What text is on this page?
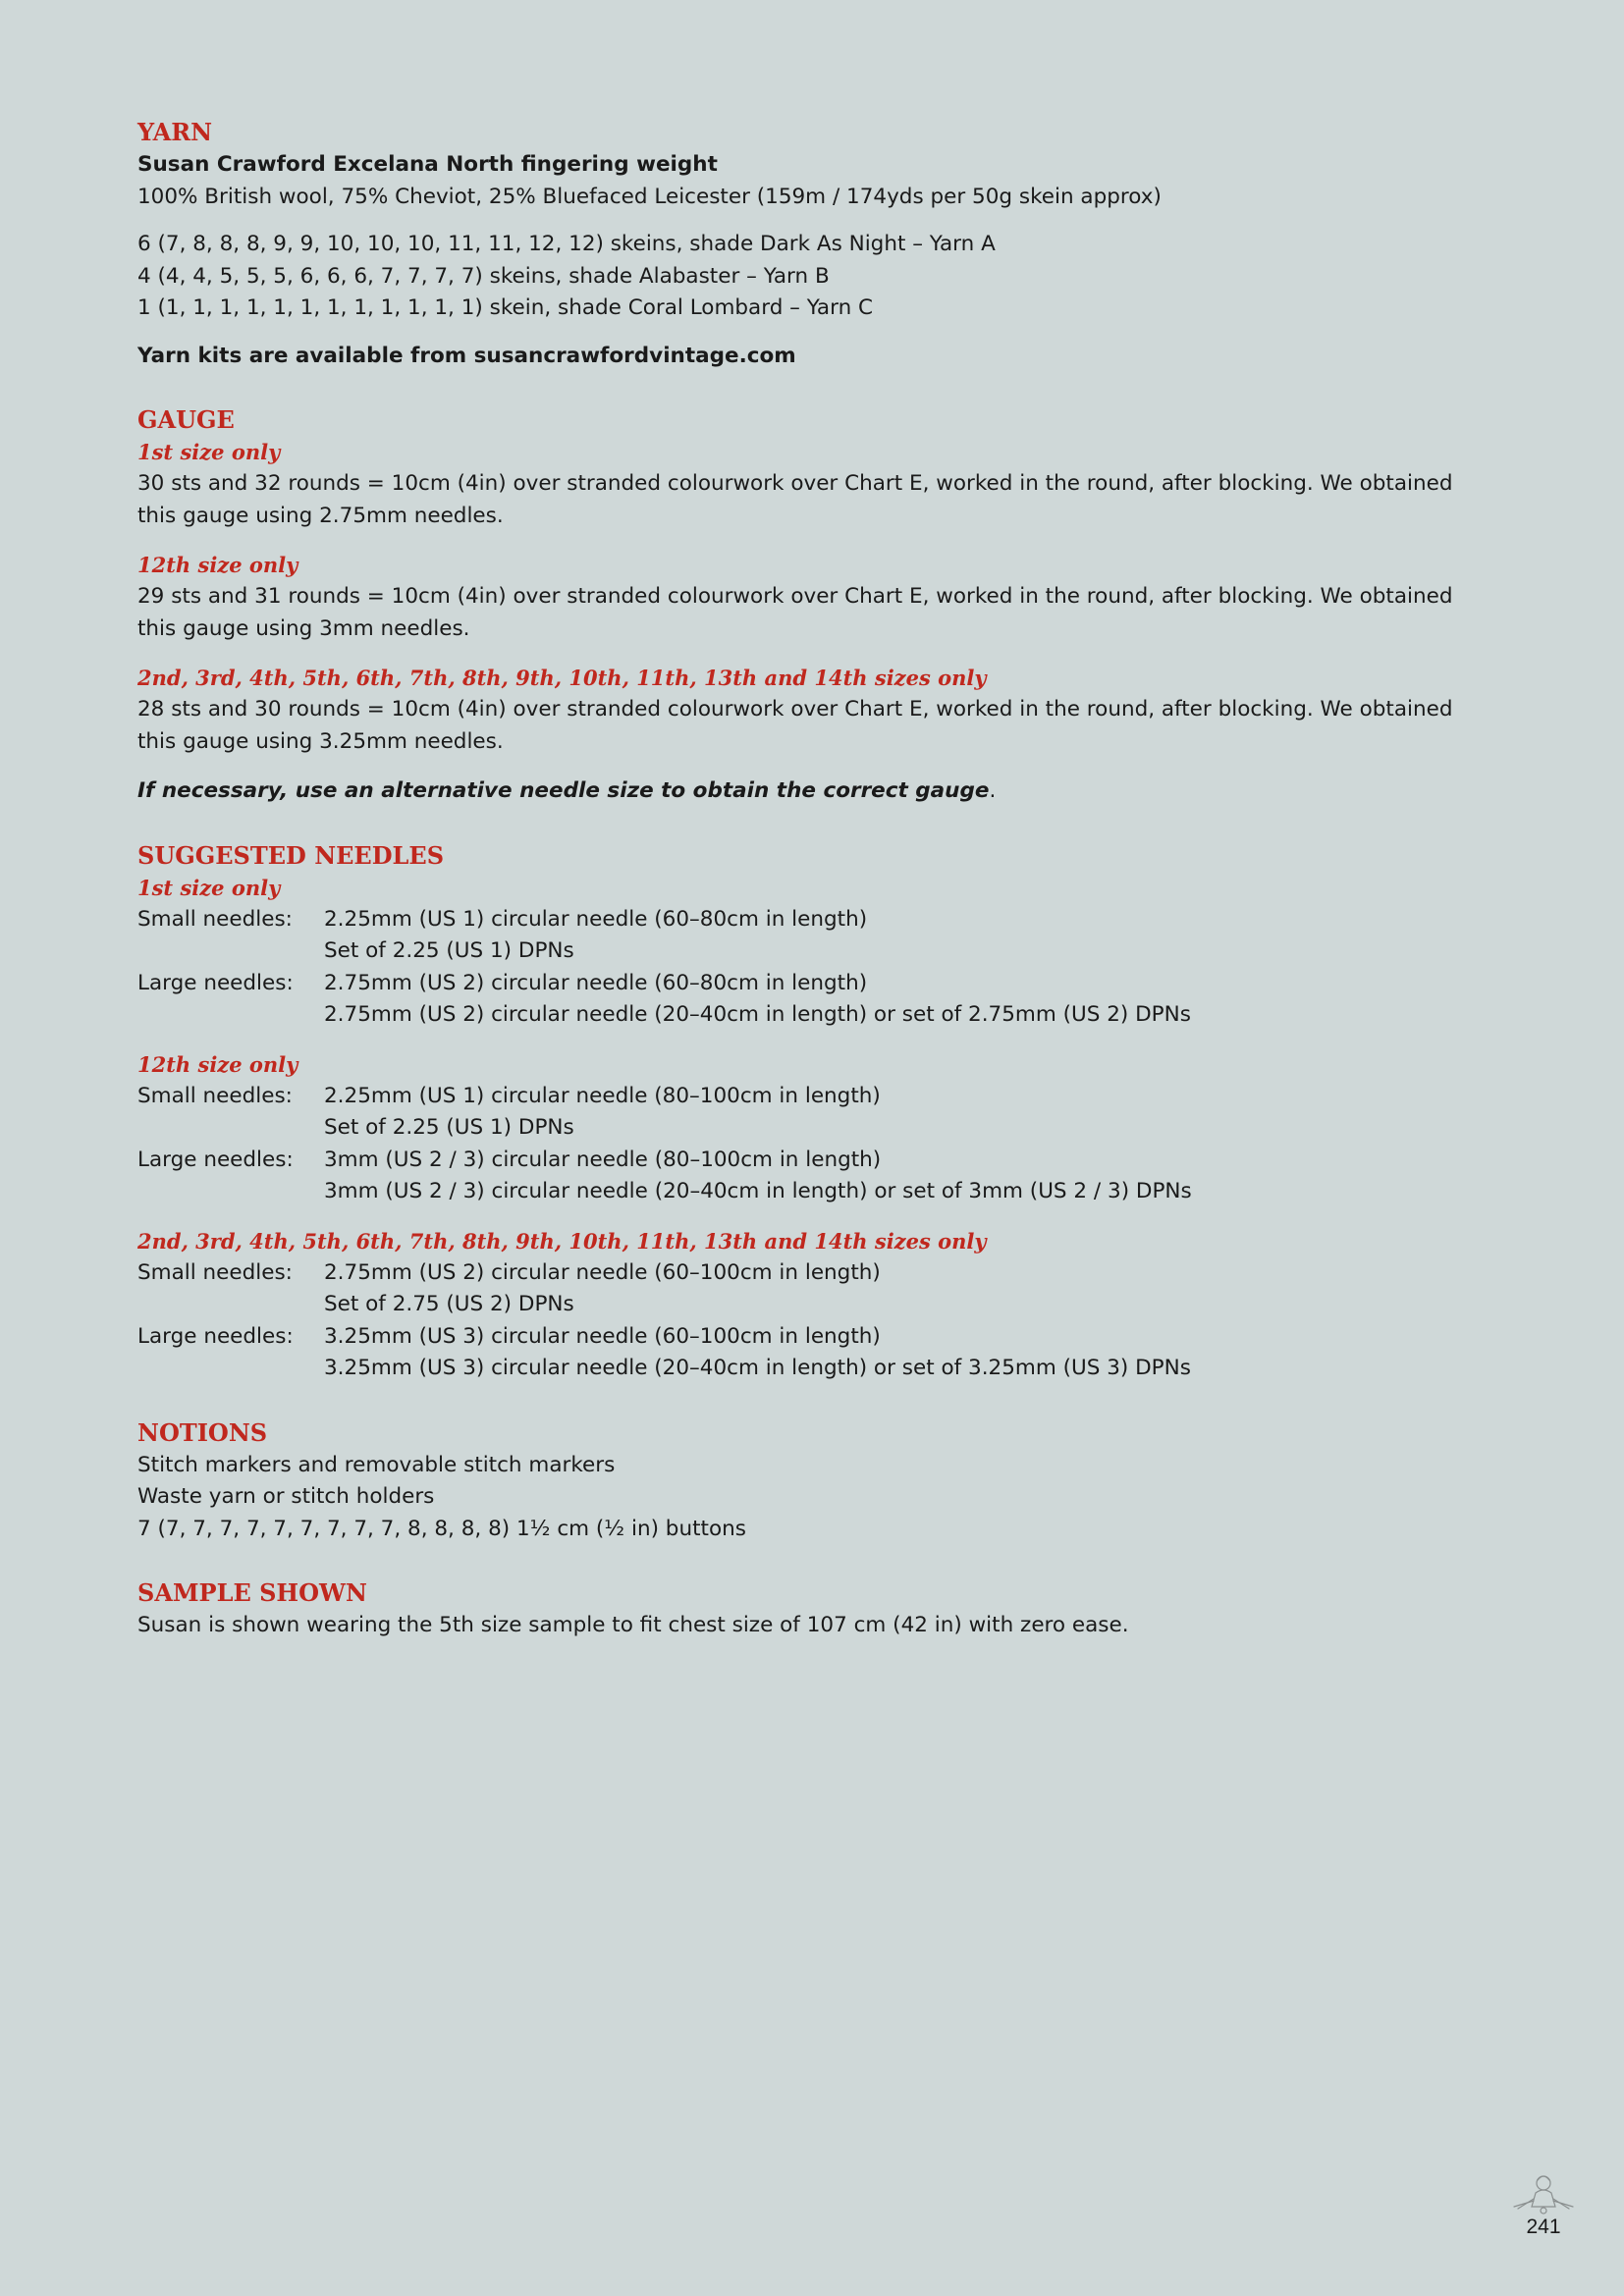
YARN

Susan Crawford Excelana North fingering weight

100% British wool, 75% Cheviot, 25% Bluefaced Leicester (159m / 174yds per 50g skein approx)

6 (7, 8, 8, 8, 9, 9, 10, 10, 10, 11, 11, 12, 12) skeins, shade Dark As Night – Yarn A

4 (4, 4, 5, 5, 5, 6, 6, 6, 7, 7, 7, 7) skeins, shade Alabaster – Yarn B

1 (1, 1, 1, 1, 1, 1, 1, 1, 1, 1, 1, 1) skein, shade Coral Lombard – Yarn C

Yarn kits are available from susancrawfordvintage.com

GAUGE

1st size only

30 sts and 32 rounds = 10cm (4in) over stranded colourwork over Chart E, worked in the round, after blocking. We obtained this gauge using 2.75mm needles.

12th size only

29 sts and 31 rounds = 10cm (4in) over stranded colourwork over Chart E, worked in the round, after blocking. We obtained this gauge using 3mm needles.

2nd, 3rd, 4th, 5th, 6th, 7th, 8th, 9th, 10th, 11th, 13th and 14th sizes only

28 sts and 30 rounds = 10cm (4in) over stranded colourwork over Chart E, worked in the round, after blocking. We obtained this gauge using 3.25mm needles.

If necessary, use an alternative needle size to obtain the correct gauge.

SUGGESTED NEEDLES

1st size only

Small needles:	2.25mm (US 1) circular needle (60–80cm in length)
Set of 2.25 (US 1) DPNs
Large needles:	2.75mm (US 2) circular needle (60–80cm in length)
2.75mm (US 2) circular needle (20–40cm in length) or set of 2.75mm (US 2) DPNs

12th size only

Small needles:	2.25mm (US 1) circular needle (80–100cm in length)
Set of 2.25 (US 1) DPNs
Large needles:	3mm (US 2 / 3) circular needle (80–100cm in length)
3mm (US 2 / 3) circular needle (20–40cm in length) or set of 3mm (US 2 / 3) DPNs

2nd, 3rd, 4th, 5th, 6th, 7th, 8th, 9th, 10th, 11th, 13th and 14th sizes only

Small needles:	2.75mm (US 2) circular needle (60–100cm in length)
Set of 2.75 (US 2) DPNs
Large needles:	3.25mm (US 3) circular needle (60–100cm in length)
3.25mm (US 3) circular needle (20–40cm in length) or set of 3.25mm (US 3) DPNs
NOTIONS

Stitch markers and removable stitch markers

Waste yarn or stitch holders

7 (7, 7, 7, 7, 7, 7, 7, 7, 7, 8, 8, 8, 8) 1½ cm (½ in) buttons

SAMPLE SHOWN

Susan is shown wearing the 5th size sample to fit chest size of 107 cm (42 in) with zero ease.

241
